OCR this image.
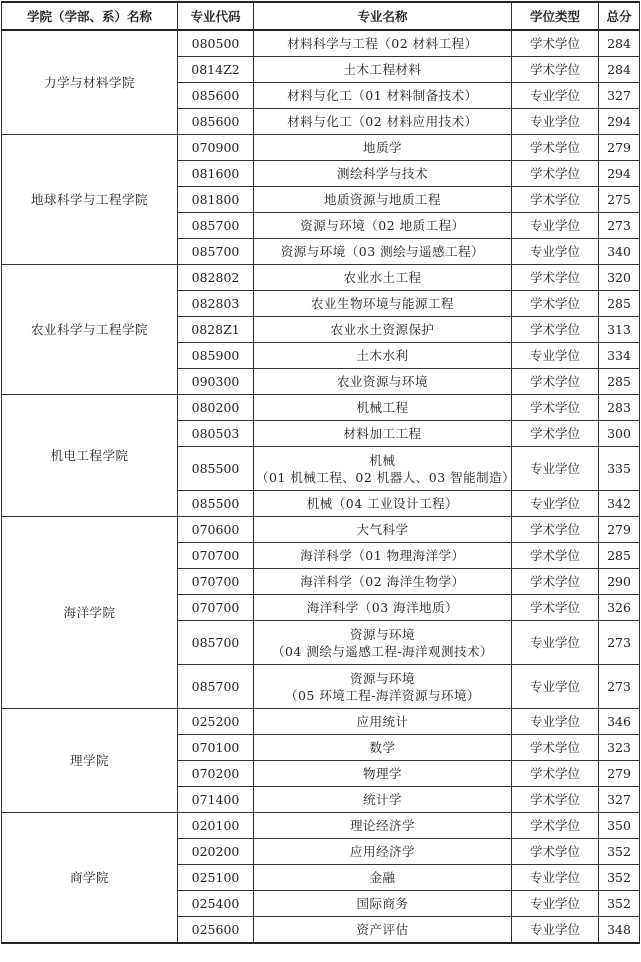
学院（学部、系）名称	专业代码	专业名称	学位类型	总分
力学与材料学院	080500	材料科学与工程（02 材料工程）	学术学位	284
	0814Z2	土木工程材料	学术学位	284
	085600	材料与化工（01 材料制备技术）	专业学位	327
	085600	材料与化工（02 材料应用技术）	专业学位	294
地球科学与工程学院	070900	地质学	学术学位	279
	081600	测绘科学与技术	学术学位	294
	081800	地质资源与地质工程	学术学位	275
	085700	资源与环境（02 地质工程）	专业学位	273
	085700	资源与环境（03 测绘与遥感工程）	专业学位	340
农业科学与工程学院	082802	农业水土工程	学术学位	320
	082803	农业生物环境与能源工程	学术学位	285
	0828Z1	农业水土资源保护	学术学位	313
	085900	土木水利	专业学位	334
	090300	农业资源与环境	学术学位	285
机电工程学院	080200	机械工程	学术学位	283
	080503	材料加工工程	学术学位	300
	085500	机械
（01 机械工程、02 机器人、03 智能制造）	专业学位	335
	085500	机械（04 工业设计工程）	专业学位	342
海洋学院	070600	大气科学	学术学位	279
	070700	海洋科学（01 物理海洋学）	学术学位	285
	070700	海洋科学（02 海洋生物学）	学术学位	290
	070700	海洋科学（03 海洋地质）	学术学位	326
	085700	资源与环境
（04 测绘与遥感工程-海洋观测技术）	专业学位	273
	085700	资源与环境
（05 环境工程-海洋资源与环境）	专业学位	273
理学院	025200	应用统计	专业学位	346
	070100	数学	学术学位	323
	070200	物理学	学术学位	279
	071400	统计学	学术学位	327
商学院	020100	理论经济学	学术学位	350
	020200	应用经济学	学术学位	352
	025100	金融	专业学位	352
	025400	国际商务	专业学位	352
	025600	资产评估	专业学位	348
